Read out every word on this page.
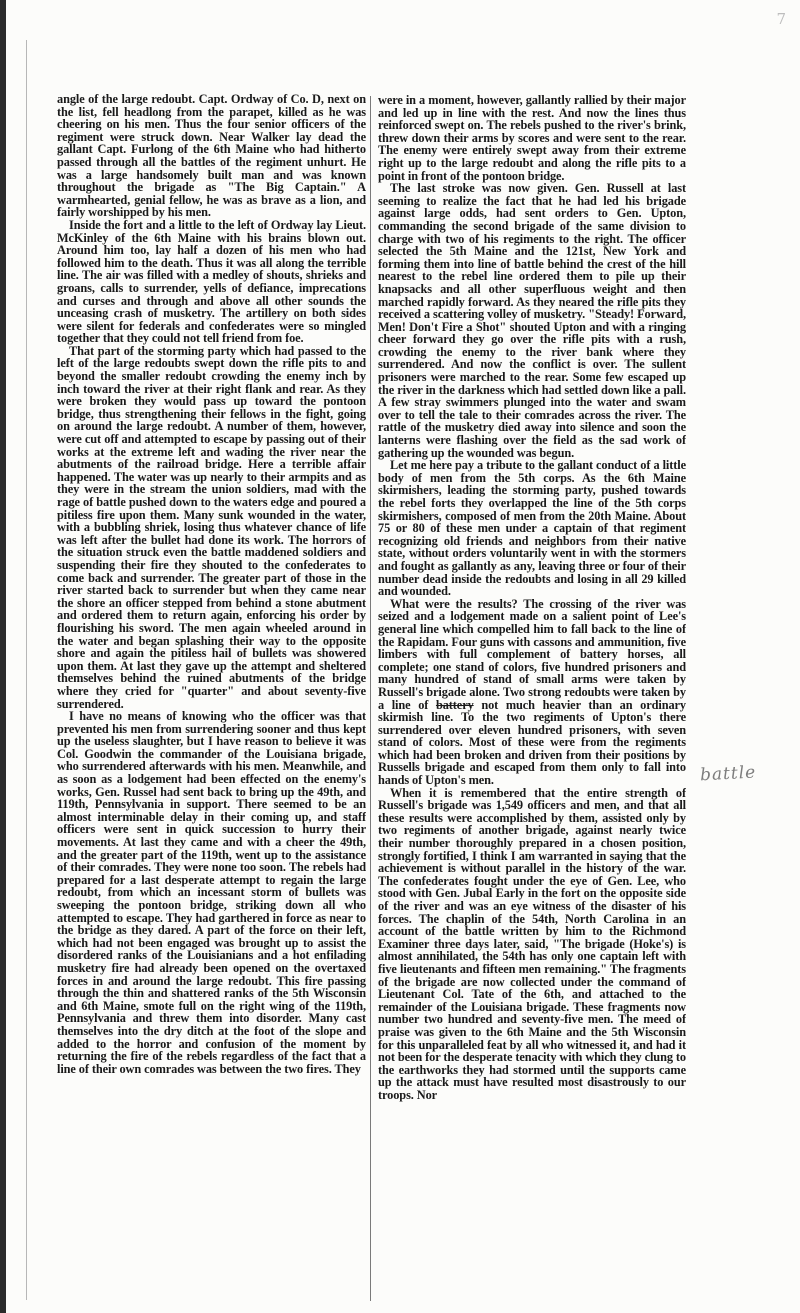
7

angle of the large redoubt. Capt. Ordway of Co. D, next on the list, fell headlong from the parapet, killed as he was cheering on his men. Thus the four senior officers of the regiment were struck down. Near Walker lay dead the gallant Capt. Furlong of the 6th Maine who had hitherto passed through all the battles of the regiment unhurt. He was a large handsomely built man and was known throughout the brigade as "The Big Captain." A warmhearted, genial fellow, he was as brave as a lion, and fairly worshipped by his men.

Inside the fort and a little to the left of Ordway lay Lieut. McKinley of the 6th Maine with his brains blown out. Around him too, lay half a dozen of his men who had followed him to the death. Thus it was all along the terrible line. The air was filled with a medley of shouts, shrieks and groans, calls to surrender, yells of defiance, imprecations and curses and through and above all other sounds the unceasing crash of musketry. The artillery on both sides were silent for federals and confederates were so mingled together that they could not tell friend from foe.

That part of the storming party which had passed to the left of the large redoubts swept down the rifle pits to and beyond the smaller redoubt crowding the enemy inch by inch toward the river at their right flank and rear. As they were broken they would pass up toward the pontoon bridge, thus strengthening their fellows in the fight, going on around the large redoubt. A number of them, however, were cut off and attempted to escape by passing out of their works at the extreme left and wading the river near the abutments of the railroad bridge. Here a terrible affair happened. The water was up nearly to their armpits and as they were in the stream the union soldiers, mad with the rage of battle pushed down to the waters edge and poured a pitiless fire upon them. Many sunk wounded in the water, with a bubbling shriek, losing thus whatever chance of life was left after the bullet had done its work. The horrors of the situation struck even the battle maddened soldiers and suspending their fire they shouted to the confederates to come back and surrender. The greater part of those in the river started back to surrender but when they came near the shore an officer stepped from behind a stone abutment and ordered them to return again, enforcing his order by flourishing his sword. The men again wheeled around in the water and began splashing their way to the opposite shore and again the pitiless hail of bullets was showered upon them. At last they gave up the attempt and sheltered themselves behind the ruined abutments of the bridge where they cried for "quarter" and about seventy-five surrendered.

I have no means of knowing who the officer was that prevented his men from surrendering sooner and thus kept up the useless slaughter, but I have reason to believe it was Col. Goodwin the commander of the Louisiana brigade, who surrendered afterwards with his men. Meanwhile, and as soon as a lodgement had been effected on the enemy's works, Gen. Russel had sent back to bring up the 49th, and 119th, Pennsylvania in support. There seemed to be an almost interminable delay in their coming up, and staff officers were sent in quick succession to hurry their movements. At last they came and with a cheer the 49th, and the greater part of the 119th, went up to the assistance of their comrades. They were none too soon. The rebels had prepared for a last desperate attempt to regain the large redoubt, from which an incessant storm of bullets was sweeping the pontoon bridge, striking down all who attempted to escape. They had garthered in force as near to the bridge as they dared. A part of the force on their left, which had not been engaged was brought up to assist the disordered ranks of the Louisianians and a hot enfilading musketry fire had already been opened on the overtaxed forces in and around the large redoubt. This fire passing through the thin and shattered ranks of the 5th Wisconsin and 6th Maine, smote full on the right wing of the 119th, Pennsylvania and threw them into disorder. Many cast themselves into the dry ditch at the foot of the slope and added to the horror and confusion of the moment by returning the fire of the rebels regardless of the fact that a line of their own comrades was between the two fires. They

were in a moment, however, gallantly rallied by their major and led up in line with the rest. And now the lines thus reinforced swept on. The rebels pushed to the river's brink, threw down their arms by scores and were sent to the rear. The enemy were entirely swept away from their extreme right up to the large redoubt and along the rifle pits to a point in front of the pontoon bridge.

The last stroke was now given. Gen. Russell at last seeming to realize the fact that he had led his brigade against large odds, had sent orders to Gen. Upton, commanding the second brigade of the same division to charge with two of his regiments to the right. The officer selected the 5th Maine and the 121st, New York and forming them into line of battle behind the crest of the hill nearest to the rebel line ordered them to pile up their knapsacks and all other superfluous weight and then marched rapidly forward. As they neared the rifle pits they received a scattering volley of musketry. "Steady! Forward, Men! Don't Fire a Shot" shouted Upton and with a ringing cheer forward they go over the rifle pits with a rush, crowding the enemy to the river bank where they surrendered. And now the conflict is over. The sullent prisoners were marched to the rear. Some few escaped up the river in the darkness which had settled down like a pall. A few stray swimmers plunged into the water and swam over to tell the tale to their comrades across the river. The rattle of the musketry died away into silence and soon the lanterns were flashing over the field as the sad work of gathering up the wounded was begun.

Let me here pay a tribute to the gallant conduct of a little body of men from the 5th corps. As the 6th Maine skirmishers, leading the storming party, pushed towards the rebel forts they overlapped the line of the 5th corps skirmishers, composed of men from the 20th Maine. About 75 or 80 of these men under a captain of that regiment recognizing old friends and neighbors from their native state, without orders voluntarily went in with the stormers and fought as gallantly as any, leaving three or four of their number dead inside the redoubts and losing in all 29 killed and wounded.

What were the results? The crossing of the river was seized and a lodgement made on a salient point of Lee's general line which compelled him to fall back to the line of the Rapidam. Four guns with cassons and ammunition, five limbers with full complement of battery horses, all complete; one stand of colors, five hundred prisoners and many hundred of stand of small arms were taken by Russell's brigade alone. Two strong redoubts were taken by a line of battery not much heavier than an ordinary skirmish line. To the two regiments of Upton's there surrendered over eleven hundred prisoners, with seven stand of colors. Most of these were from the regiments which had been broken and driven from their positions by Russells brigade and escaped from them only to fall into hands of Upton's men.

When it is remembered that the entire strength of Russell's brigade was 1,549 officers and men, and that all these results were accomplished by them, assisted only by two regiments of another brigade, against nearly twice their number thoroughly prepared in a chosen position, strongly fortified, I think I am warranted in saying that the achievement is without parallel in the history of the war. The confederates fought under the eye of Gen. Lee, who stood with Gen. Jubal Early in the fort on the opposite side of the river and was an eye witness of the disaster of his forces. The chaplin of the 54th, North Carolina in an account of the battle written by him to the Richmond Examiner three days later, said, "The brigade (Hoke's) is almost annihilated, the 54th has only one captain left with five lieutenants and fifteen men remaining." The fragments of the brigade are now collected under the command of Lieutenant Col. Tate of the 6th, and attached to the remainder of the Louisiana brigade. These fragments now number two hundred and seventy-five men. The meed of praise was given to the 6th Maine and the 5th Wisconsin for this unparalleled feat by all who witnessed it, and had it not been for the desperate tenacity with which they clung to the earthworks they had stormed until the supports came up the attack must have resulted most disastrously to our troops. Nor

battle
